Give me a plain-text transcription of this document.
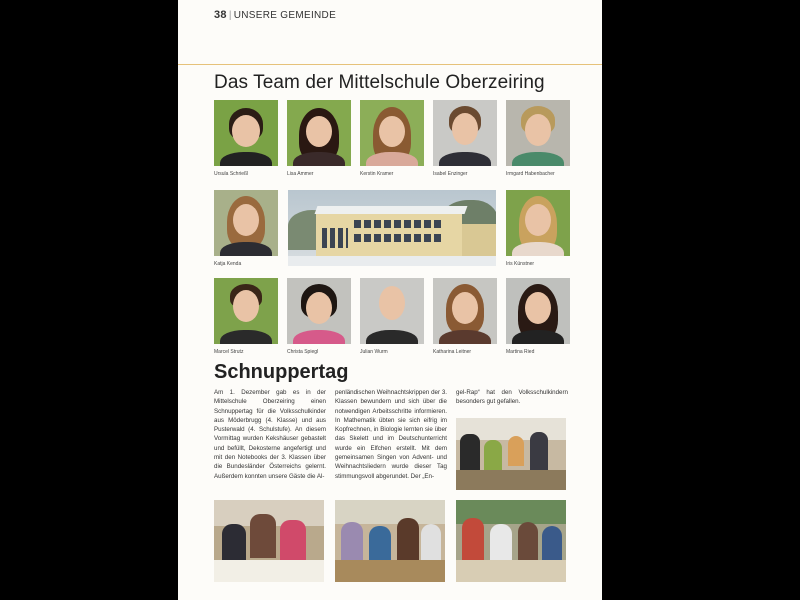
38 | UNSERE GEMEINDE
Das Team der Mittelschule Oberzeiring
Ursula Schrießl	Lisa Ammer	Kerstin Kramer	Isabel Enzinger	Irmgard Habenbacher
Katja Kenda	Iris Künstner
Marcel Strutz	Christa Spiegl	Julian Wurm	Katharina Leitner	Martina Ried
Schnuppertag

Am 1. Dezember gab es in der Mittelschule Oberzeiring einen Schnuppertag für die Volksschulkinder aus Möderbrugg (4. Klasse) und aus Pusterwald (4. Schulstufe). An diesem Vormittag wurden Kekshäuser gebastelt und befüllt, Dekosterne angefertigt und mit den Notebooks der 3. Klassen über die Bundesländer Österreichs gelernt. Außerdem konnten unsere Gäste die Al-

penländischen Weihnachtskrippen der 3. Klassen bewundern und sich über die notwendigen Arbeitsschritte informieren. In Mathematik übten sie sich eifrig im Kopfrechnen, in Biologie lernten sie über das Skelett und im Deutschunterricht wurde ein Elfchen erstellt. Mit dem gemeinsamen Singen von Advent- und Weihnachtsliedern wurde dieser Tag stimmungsvoll abgerundet. Der „En-

gel-Rap“ hat den Volksschulkindern besonders gut gefallen.
